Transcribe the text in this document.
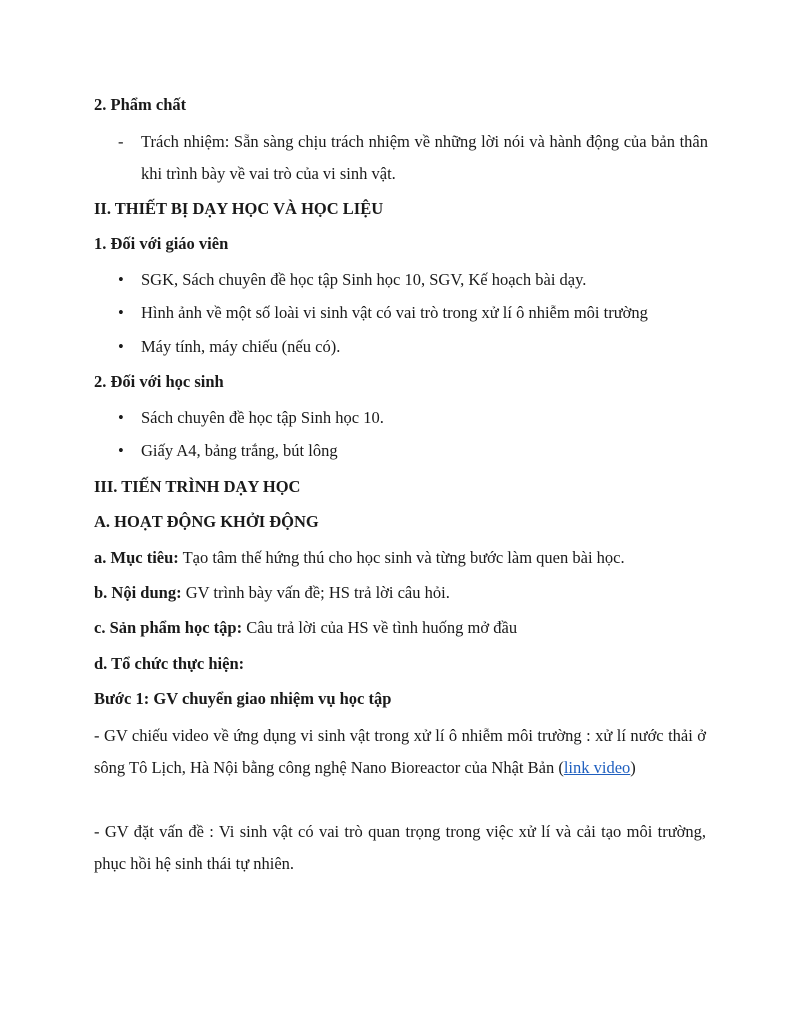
2. Phẩm chất
- Trách nhiệm: Sẵn sàng chịu trách nhiệm về những lời nói và hành động của bản thân khi trình bày về vai trò của vi sinh vật.
II. THIẾT BỊ DẠY HỌC VÀ HỌC LIỆU
1. Đối với giáo viên
• SGK, Sách chuyên đề học tập Sinh học 10, SGV, Kế hoạch bài dạy.
• Hình ảnh về một số loài vi sinh vật có vai trò trong xử lí ô nhiễm môi trường
• Máy tính, máy chiếu (nếu có).
2. Đối với học sinh
• Sách chuyên đề học tập Sinh học 10.
• Giấy A4, bảng trắng, bút lông
III. TIẾN TRÌNH DẠY HỌC
A. HOẠT ĐỘNG KHỞI ĐỘNG
a. Mục tiêu: Tạo tâm thế hứng thú cho học sinh và từng bước làm quen bài học.
b. Nội dung: GV trình bày vấn đề; HS trả lời câu hỏi.
c. Sản phẩm học tập: Câu trả lời của HS về tình huống mở đầu
d. Tổ chức thực hiện:
Bước 1: GV chuyển giao nhiệm vụ học tập
- GV chiếu video về ứng dụng vi sinh vật trong xử lí ô nhiễm môi trường : xử lí nước thải ở sông Tô Lịch, Hà Nội bằng công nghệ Nano Bioreactor của Nhật Bản (link video)
- GV đặt vấn đề : Vi sinh vật có vai trò quan trọng trong việc xử lí và cải tạo môi trường, phục hồi hệ sinh thái tự nhiên.
